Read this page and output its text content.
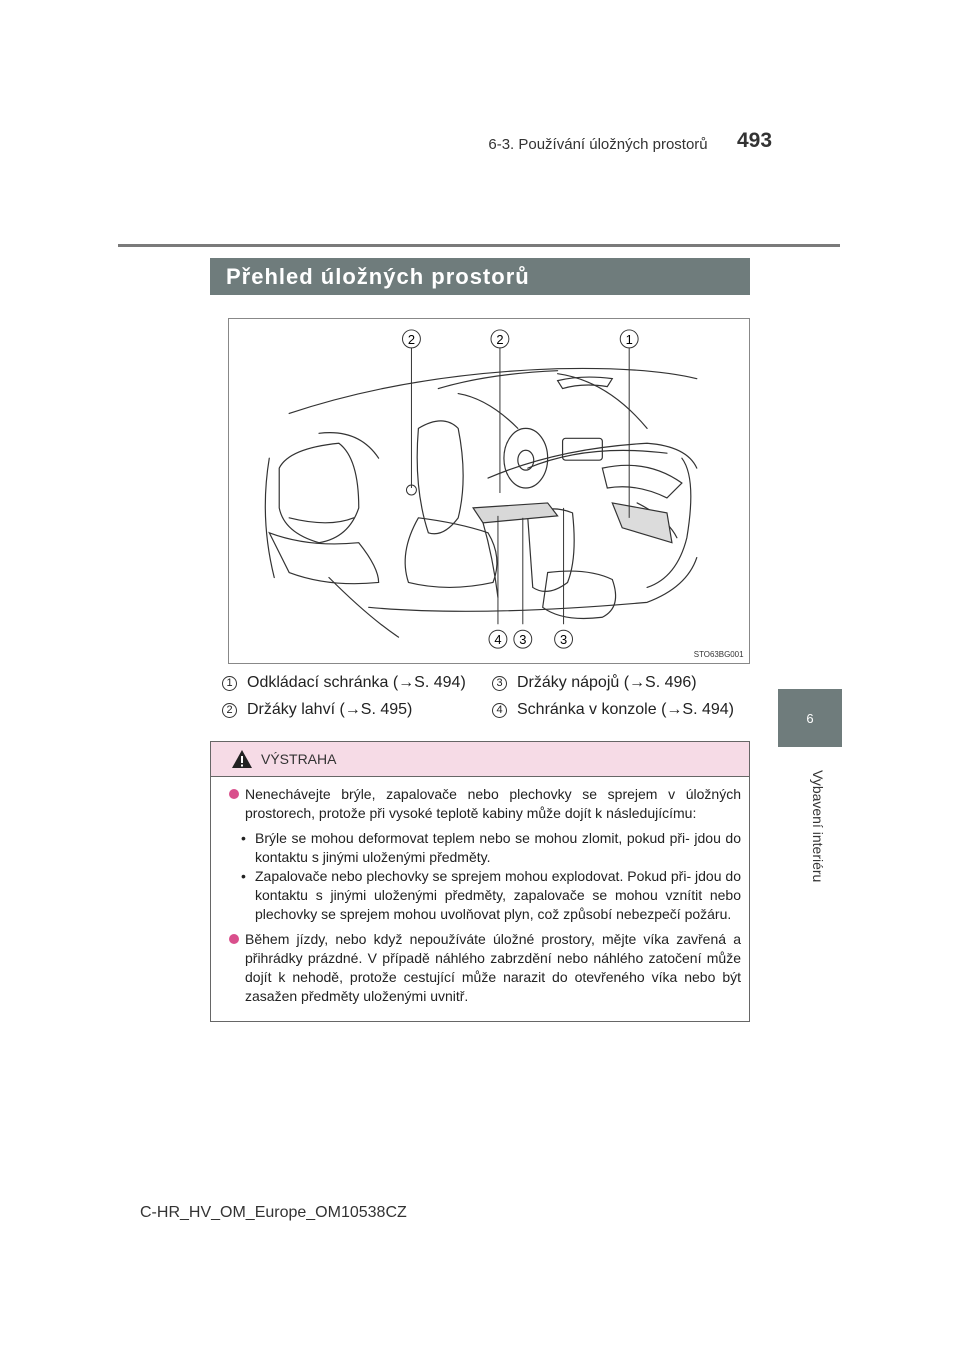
6-3. Používání úložných prostorů 493
6
Vybavení interiéru
Přehled úložných prostorů
2	2	1
4 3	3
STO63BG001
1 Odkládací schránka (→S. 494)	3 Držáky nápojů (→S. 496)
2 Držáky lahví (→S. 495)	4 Schránka v konzole (→S. 494)
VÝSTRAHA
Nenechávejte brýle, zapalovače nebo plechovky se sprejem v úložných prostorech, protože při vysoké teplotě kabiny může dojít k následujícímu:
• Brýle se mohou deformovat teplem nebo se mohou zlomit, pokud při- jdou do kontaktu s jinými uloženými předměty.
• Zapalovače nebo plechovky se sprejem mohou explodovat. Pokud při- jdou do kontaktu s jinými uloženými předměty, zapalovače se mohou vznítit nebo plechovky se sprejem mohou uvolňovat plyn, což způsobí nebezpečí požáru.
Během jízdy, nebo když nepoužíváte úložné prostory, mějte víka zavřená a přihrádky prázdné. V případě náhlého zabrzdění nebo náhlého zatočení může dojít k nehodě, protože cestující může narazit do otevřeného víka nebo být zasažen předměty uloženými uvnitř.
C-HR_HV_OM_Europe_OM10538CZ
